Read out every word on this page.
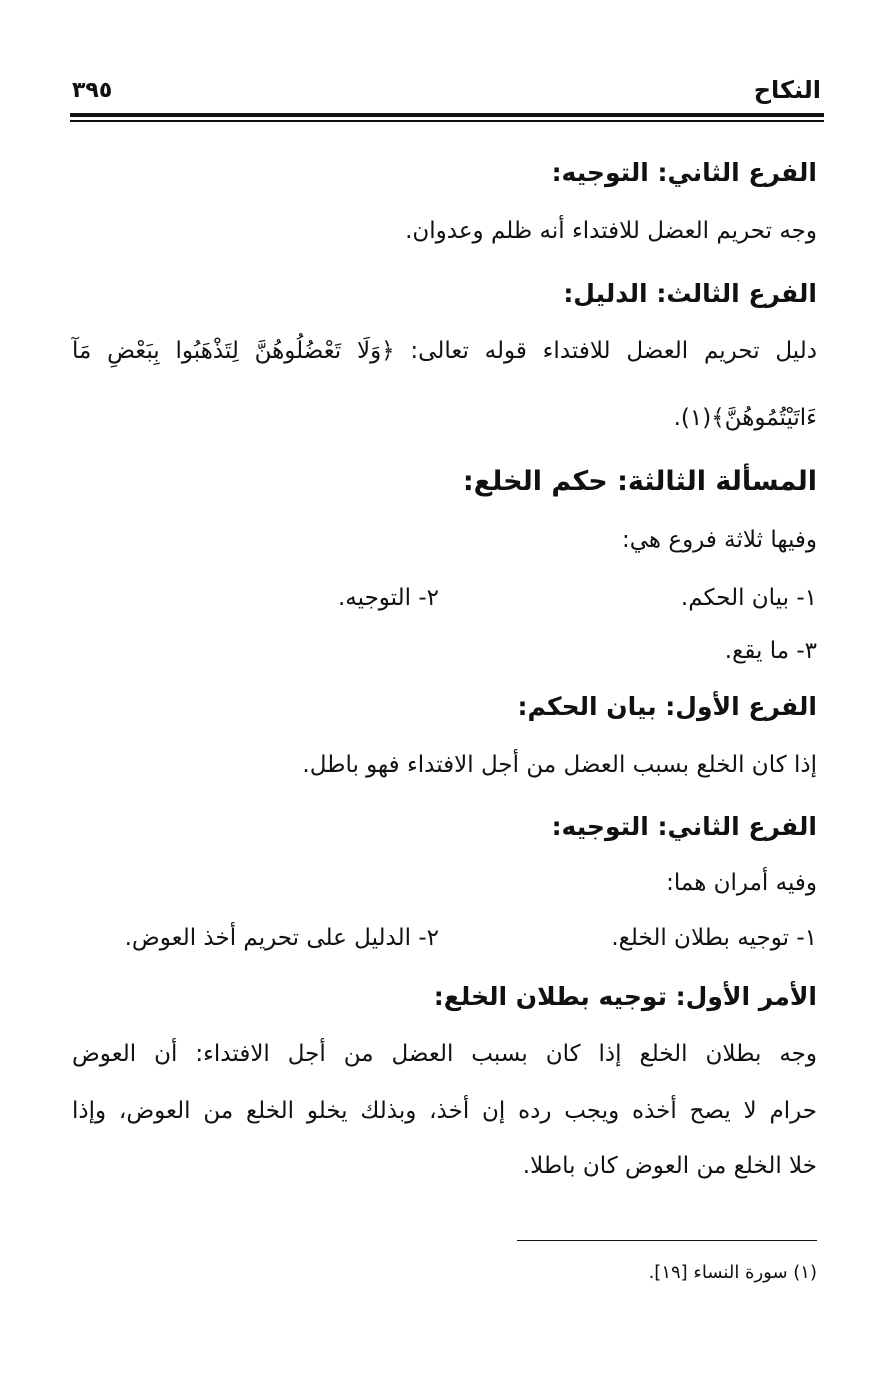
النكاح
٣٩٥
الفرع الثاني: التوجيه:
وجه تحريم العضل للافتداء أنه ظلم وعدوان.
الفرع الثالث: الدليل:
دليل تحريم العضل للافتداء قوله تعالى: ﴿وَلَا تَعْضُلُوهُنَّ لِتَذْهَبُوا بِبَعْضِ مَآ
ءَاتَيْتُمُوهُنَّ﴾(١).
المسألة الثالثة: حكم الخلع:
وفيها ثلاثة فروع هي:
١- بيان الحكم.
٢- التوجيه.
٣- ما يقع.
الفرع الأول: بيان الحكم:
إذا كان الخلع بسبب العضل من أجل الافتداء فهو باطل.
الفرع الثاني: التوجيه:
وفيه أمران هما:
١- توجيه بطلان الخلع.
٢- الدليل على تحريم أخذ العوض.
الأمر الأول: توجيه بطلان الخلع:
وجه بطلان الخلع إذا كان بسبب العضل من أجل الافتداء: أن العوض
حرام لا يصح أخذه ويجب رده إن أخذ، وبذلك يخلو الخلع من العوض، وإذا
خلا الخلع من العوض كان باطلا.
(١) سورة النساء [١٩].
